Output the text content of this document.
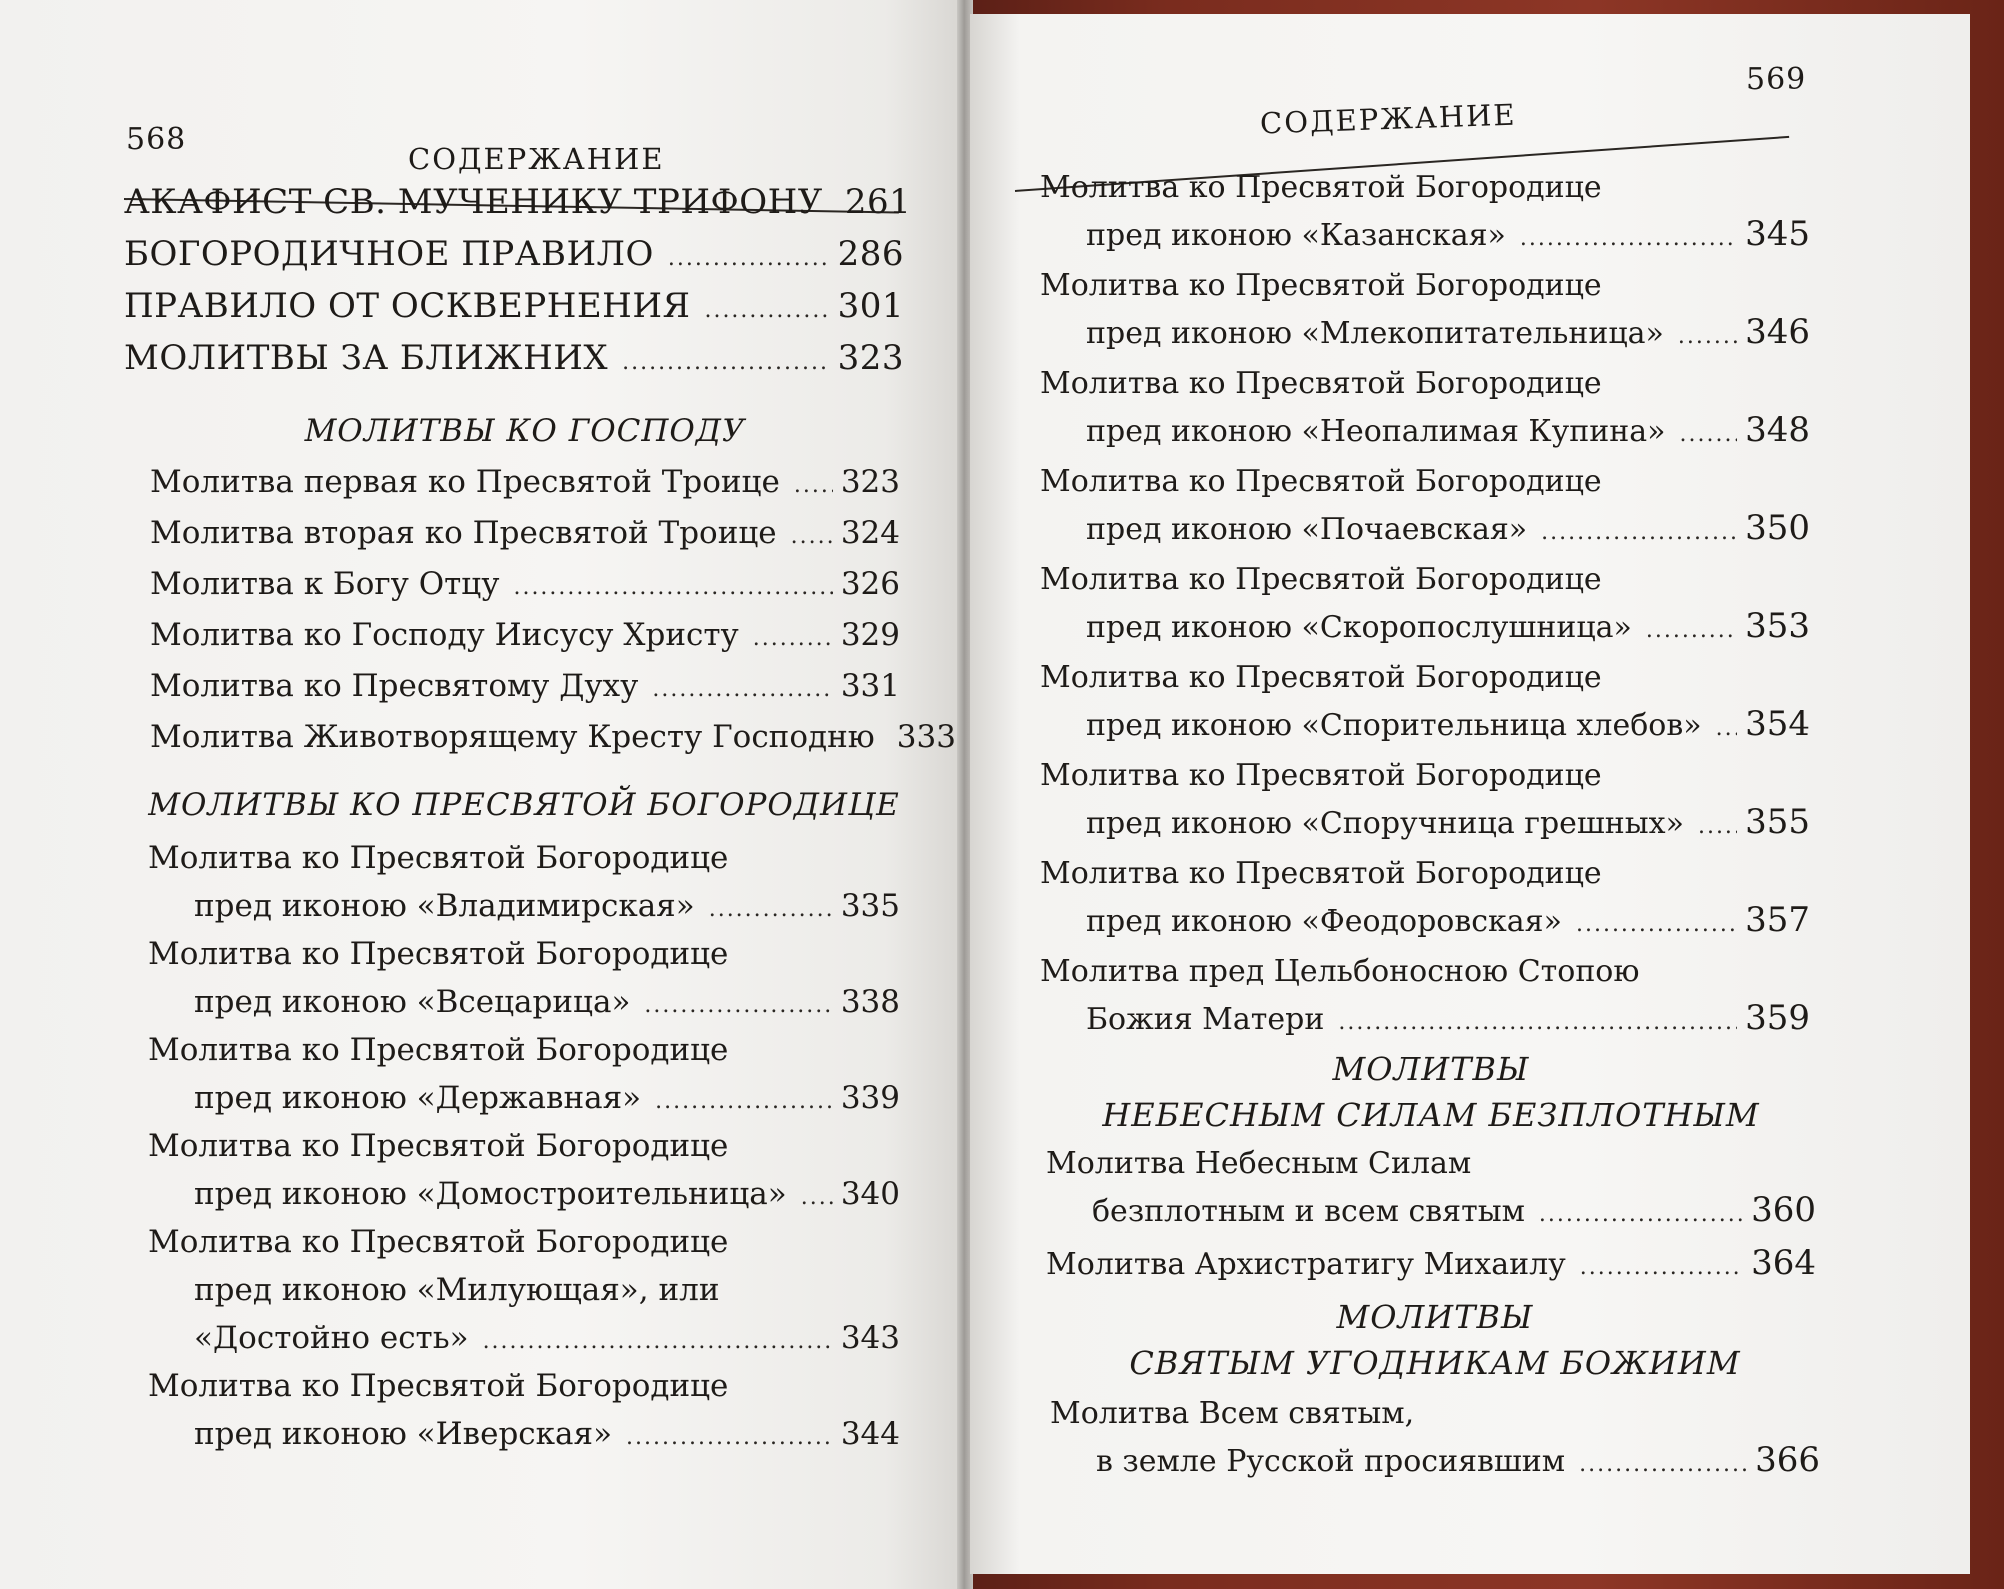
568
СОДЕРЖАНИЕ
АКАФИСТ СВ. МУЧЕНИКУ ТРИФОНУ 261
БОГОРОДИЧНОЕ ПРАВИЛО .....	286
ПРАВИЛО ОТ ОСКВЕРНЕНИЯ .....	301
МОЛИТВЫ ЗА БЛИЖНИХ .....	323
МОЛИТВЫ КО ГОСПОДУ
Молитва первая ко Пресвятой Троице ..... 323
Молитва вторая ко Пресвятой Троице ..... 324
Молитва к Богу Отцу .....	326
Молитва ко Господу Иисусу Христу .....	329
Молитва ко Пресвятому Духу .....	331
Молитва Животворящему Кресту Господню 333
МОЛИТВЫ КО ПРЕСВЯТОЙ БОГОРОДИЦЕ
Молитва ко Пресвятой Богородице
пред иконою «Владимирская» .....	335
Молитва ко Пресвятой Богородице
пред иконою «Всецарица» .....	338
Молитва ко Пресвятой Богородице
пред иконою «Державная» .....	339
Молитва ко Пресвятой Богородице
пред иконою «Домостроительница» ..... 340
Молитва ко Пресвятой Богородице
пред иконою «Милующая», или
«Достойно есть» .....	343
Молитва ко Пресвятой Богородице
пред иконою «Иверская» .....	344
569
СОДЕРЖАНИЕ
Молитва ко Пресвятой Богородице
пред иконою «Казанская» .....	345
Молитва ко Пресвятой Богородице
пред иконою «Млекопитательница» ..... 346
Молитва ко Пресвятой Богородице
пред иконою «Неопалимая Купина» ..... 348
Молитва ко Пресвятой Богородице
пред иконою «Почаевская» .....	350
Молитва ко Пресвятой Богородице
пред иконою «Скоропослушница» .....	353
Молитва ко Пресвятой Богородице
пред иконою «Спорительница хлебов» ..... 354
Молитва ко Пресвятой Богородице
пред иконою «Споручница грешных» ..... 355
Молитва ко Пресвятой Богородице
пред иконою «Феодоровская» .....	357
Молитва пред Цельбоносною Стопою
Божия Матери .....	359
МОЛИТВЫ
НЕБЕСНЫМ СИЛАМ БЕЗПЛОТНЫМ
Молитва Небесным Силам
безплотным и всем святым .....	360
Молитва Архистратигу Михаилу .....	364
МОЛИТВЫ
СВЯТЫМ УГОДНИКАМ БОЖИИМ
Молитва Всем святым,
в земле Русской просиявшим .....	366
